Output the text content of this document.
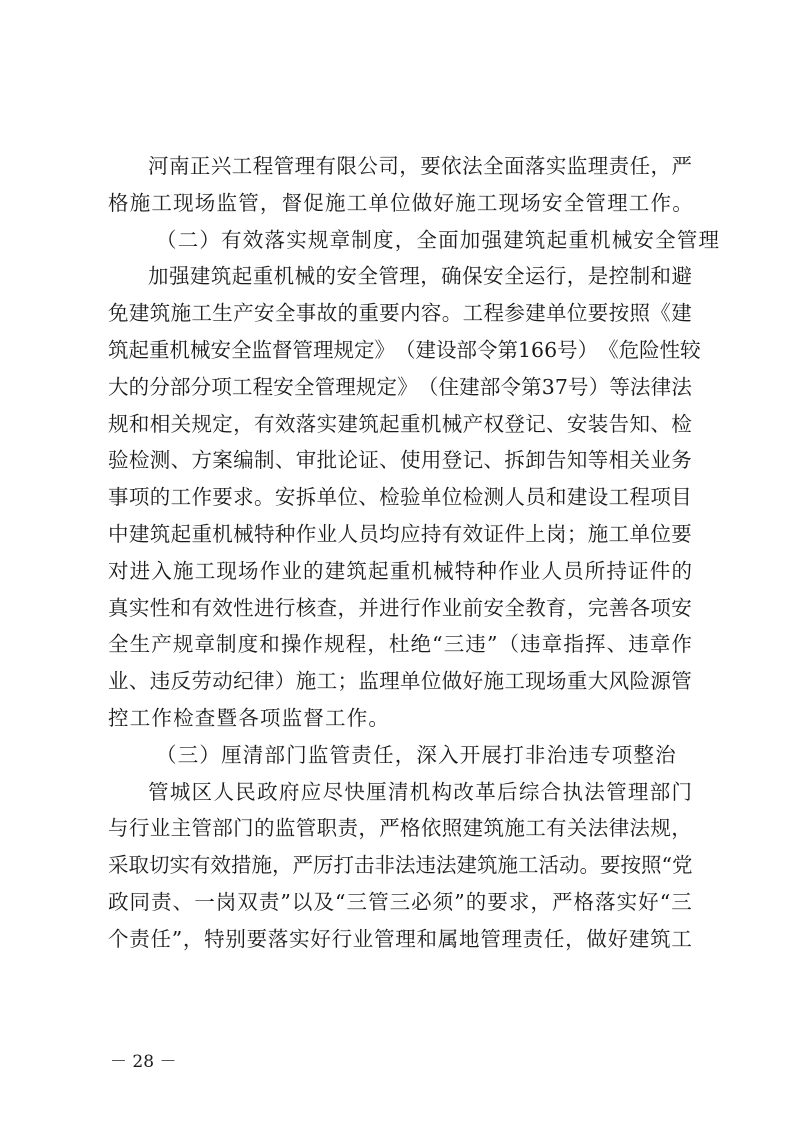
河 南 正 兴 工 程 管 理 有 限 公 司 ， 要 依 法 全 面 落 实 监 理 责 任 ， 严
格施工现场监管，督促施工单位做好施工现场安全管理工作。
（二）有效落实规章制度，全面加强建筑起重机械安全管理
加 强 建 筑 起 重 机 械 的 安 全 管 理 ， 确 保 安 全 运 行 ， 是 控 制 和 避
免 建 筑 施 工 生 产 安 全 事 故 的 重 要 内 容 。 工 程 参 建 单 位 要 按 照 《 建
筑 起 重 机 械 安 全 监 督 管 理 规 定 》 （ 建 设 部 令 第 166 号 ） 《 危 险 性 较
大 的 分 部 分 项 工 程 安 全 管 理 规 定 》 （ 住 建 部 令 第 37 号 ） 等 法 律 法
规 和 相 关 规 定 ， 有 效 落 实 建 筑 起 重 机 械 产 权 登 记 、 安 装 告 知 、 检
验 检 测 、 方 案 编 制 、 审 批 论 证 、 使 用 登 记 、 拆 卸 告 知 等 相 关 业 务
事 项 的 工 作 要 求 。 安 拆 单 位 、 检 验 单 位 检 测 人 员 和 建 设 工 程 项 目
中 建 筑 起 重 机 械 特 种 作 业 人 员 均 应 持 有 效 证 件 上 岗 ； 施 工 单 位 要
对 进 入 施 工 现 场 作 业 的 建 筑 起 重 机 械 特 种 作 业 人 员 所 持 证 件 的
真 实 性 和 有 效 性 进 行 核 查 ， 并 进 行 作 业 前 安 全 教 育 ， 完 善 各 项 安
全 生 产 规 章 制 度 和 操 作 规 程 ， 杜 绝 “ 三 违 ” （ 违 章 指 挥 、 违 章 作
业 、 违 反 劳 动 纪 律 ） 施 工 ； 监 理 单 位 做 好 施 工 现 场 重 大 风 险 源 管
控工作检查暨各项监督工作。
（三）厘清部门监管责任，深入开展打非治违专项整治
管 城 区 人 民 政 府 应 尽 快 厘 清 机 构 改 革 后 综 合 执 法 管 理 部 门
与 行 业 主 管 部 门 的 监 管 职 责 ， 严 格 依 照 建 筑 施 工 有 关 法 律 法 规 ，
采 取 切 实 有 效 措 施 ， 严 厉 打 击 非 法 违 法 建 筑 施 工 活 动 。 要 按 照 “ 党
政 同 责 、 一 岗 双 责 ” 以 及 “ 三 管 三 必 须 ” 的 要 求 ， 严 格 落 实 好 “ 三
个 责 任 ” ， 特 别 要 落 实 好 行 业 管 理 和 属 地 管 理 责 任 ， 做 好 建 筑 工
－ 28 －
